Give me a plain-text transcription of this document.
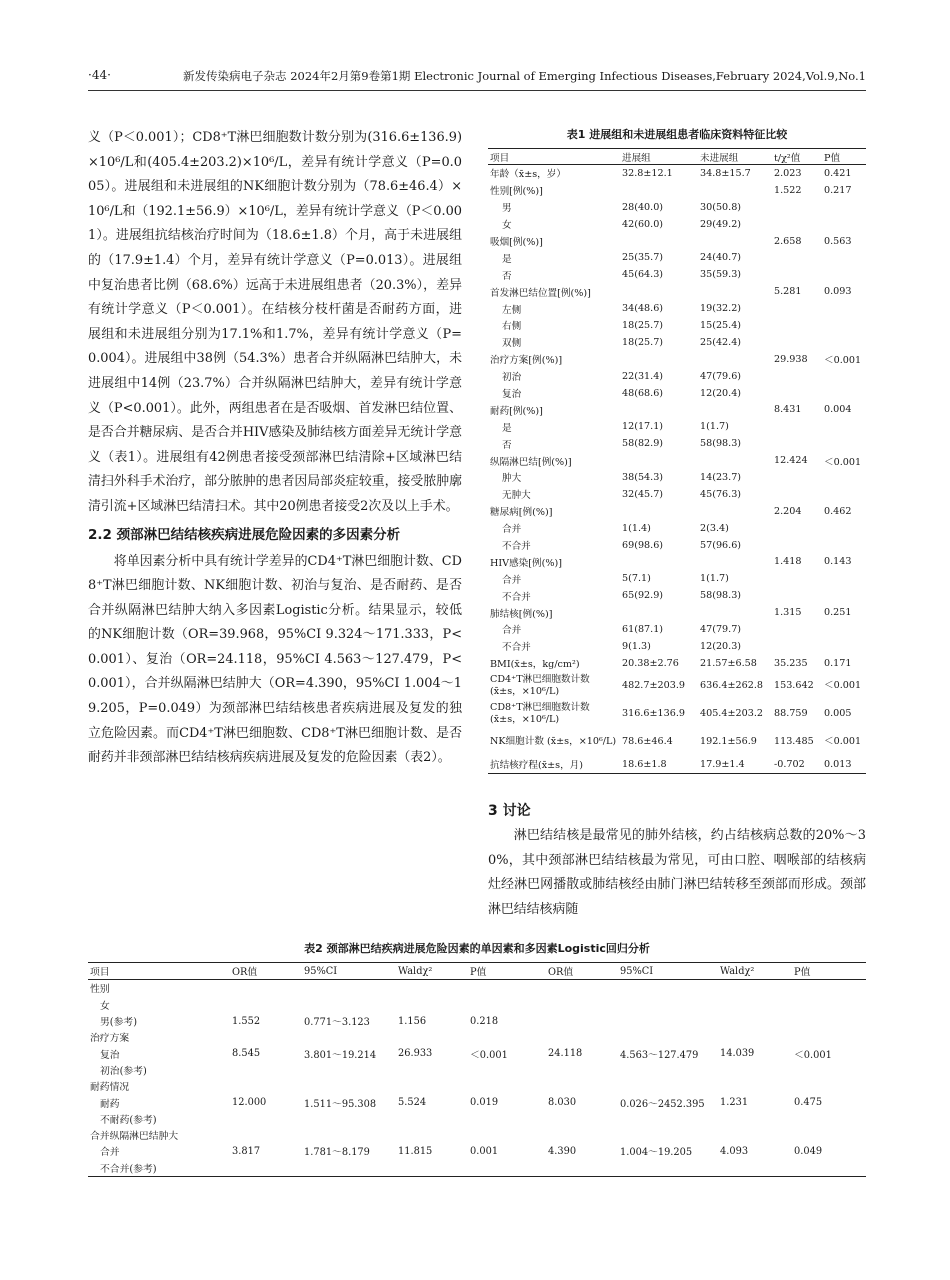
·44·	新发传染病电子杂志 2024年2月第9卷第1期 Electronic Journal of Emerging Infectious Diseases,February 2024,Vol.9,No.1

义（P＜0.001）；CD8⁺T淋巴细胞数计数分别为(316.6±136.9)×10⁶/L和(405.4±203.2)×10⁶/L，差异有统计学意义（P=0.005）。进展组和未进展组的NK细胞计数分别为（78.6±46.4）×10⁶/L和（192.1±56.9）×10⁶/L，差异有统计学意义（P＜0.001）。进展组抗结核治疗时间为（18.6±1.8）个月，高于未进展组的（17.9±1.4）个月，差异有统计学意义（P=0.013）。进展组中复治患者比例（68.6%）远高于未进展组患者（20.3%），差异有统计学意义（P＜0.001）。在结核分枝杆菌是否耐药方面，进展组和未进展组分别为17.1%和1.7%，差异有统计学意义（P=0.004）。进展组中38例（54.3%）患者合并纵隔淋巴结肿大，未进展组中14例（23.7%）合并纵隔淋巴结肿大，差异有统计学意义（P<0.001）。此外，两组患者在是否吸烟、首发淋巴结位置、是否合并糖尿病、是否合并HIV感染及肺结核方面差异无统计学意义（表1）。进展组有42例患者接受颈部淋巴结清除+区域淋巴结清扫外科手术治疗，部分脓肿的患者因局部炎症较重，接受脓肿廓清引流+区域淋巴结清扫术。其中20例患者接受2次及以上手术。

2.2 颈部淋巴结结核疾病进展危险因素的多因素分析

将单因素分析中具有统计学差异的CD4⁺T淋巴细胞计数、CD8⁺T淋巴细胞计数、NK细胞计数、初治与复治、是否耐药、是否合并纵隔淋巴结肿大纳入多因素Logistic分析。结果显示，较低的NK细胞计数（OR=39.968，95%CI 9.324～171.333，P<0.001）、复治（OR=24.118，95%CI 4.563～127.479，P<0.001），合并纵隔淋巴结肿大（OR=4.390，95%CI 1.004～19.205，P=0.049）为颈部淋巴结结核患者疾病进展及复发的独立危险因素。而CD4⁺T淋巴细胞数、CD8⁺T淋巴细胞计数、是否耐药并非颈部淋巴结结核病疾病进展及复发的危险因素（表2）。

表1 进展组和未进展组患者临床资料特征比较
项目	进展组	未进展组	t/χ²值	P值
年龄（x̄±s，岁）	32.8±12.1	34.8±15.7	2.023	0.421
性别[例(%)]			1.522	0.217
男	28(40.0)	30(50.8)		
女	42(60.0)	29(49.2)		
吸烟[例(%)]			2.658	0.563
是	25(35.7)	24(40.7)		
否	45(64.3)	35(59.3)		
首发淋巴结位置[例(%)]			5.281	0.093
左侧	34(48.6)	19(32.2)		
右侧	18(25.7)	15(25.4)		
双侧	18(25.7)	25(42.4)		
治疗方案[例(%)]			29.938	＜0.001
初治	22(31.4)	47(79.6)		
复治	48(68.6)	12(20.4)		
耐药[例(%)]			8.431	0.004
是	12(17.1)	1(1.7)		
否	58(82.9)	58(98.3)		
纵隔淋巴结[例(%)]			12.424	＜0.001
肿大	38(54.3)	14(23.7)		
无肿大	32(45.7)	45(76.3)		
糖尿病[例(%)]			2.204	0.462
合并	1(1.4)	2(3.4)		
不合并	69(98.6)	57(96.6)		
HIV感染[例(%)]			1.418	0.143
合并	5(7.1)	1(1.7)		
不合并	65(92.9)	58(98.3)		
肺结核[例(%)]			1.315	0.251
合并	61(87.1)	47(79.7)		
不合并	9(1.3)	12(20.3)		
BMI(x̄±s，kg/cm²)	20.38±2.76	21.57±6.58	35.235	0.171
CD4⁺T淋巴细胞数计数 (x̄±s，×10⁶/L)	482.7±203.9	636.4±262.8	153.642	＜0.001
CD8⁺T淋巴细胞数计数 (x̄±s，×10⁶/L)	316.6±136.9	405.4±203.2	88.759	0.005
NK细胞计数 (x̄±s，×10⁶/L)	78.6±46.4	192.1±56.9	113.485	＜0.001
抗结核疗程(x̄±s，月)	18.6±1.8	17.9±1.4	-0.702	0.013
3 讨论

淋巴结结核是最常见的肺外结核，约占结核病总数的20%～30%，其中颈部淋巴结结核最为常见，可由口腔、咽喉部的结核病灶经淋巴网播散或肺结核经由肺门淋巴结转移至颈部而形成。颈部淋巴结结核病随

表2 颈部淋巴结疾病进展危险因素的单因素和多因素Logistic回归分析
项目	OR值	95%CI	Waldχ²	P值	OR值	95%CI	Waldχ²	P值
性别								
女								
男(参考)	1.552	0.771～3.123	1.156	0.218				
治疗方案								
复治	8.545	3.801～19.214	26.933	＜0.001	24.118	4.563～127.479	14.039	＜0.001
初治(参考)								
耐药情况								
耐药	12.000	1.511～95.308	5.524	0.019	8.030	0.026～2452.395	1.231	0.475
不耐药(参考)								
合并纵隔淋巴结肿大								
合并	3.817	1.781～8.179	11.815	0.001	4.390	1.004～19.205	4.093	0.049
不合并(参考)								
